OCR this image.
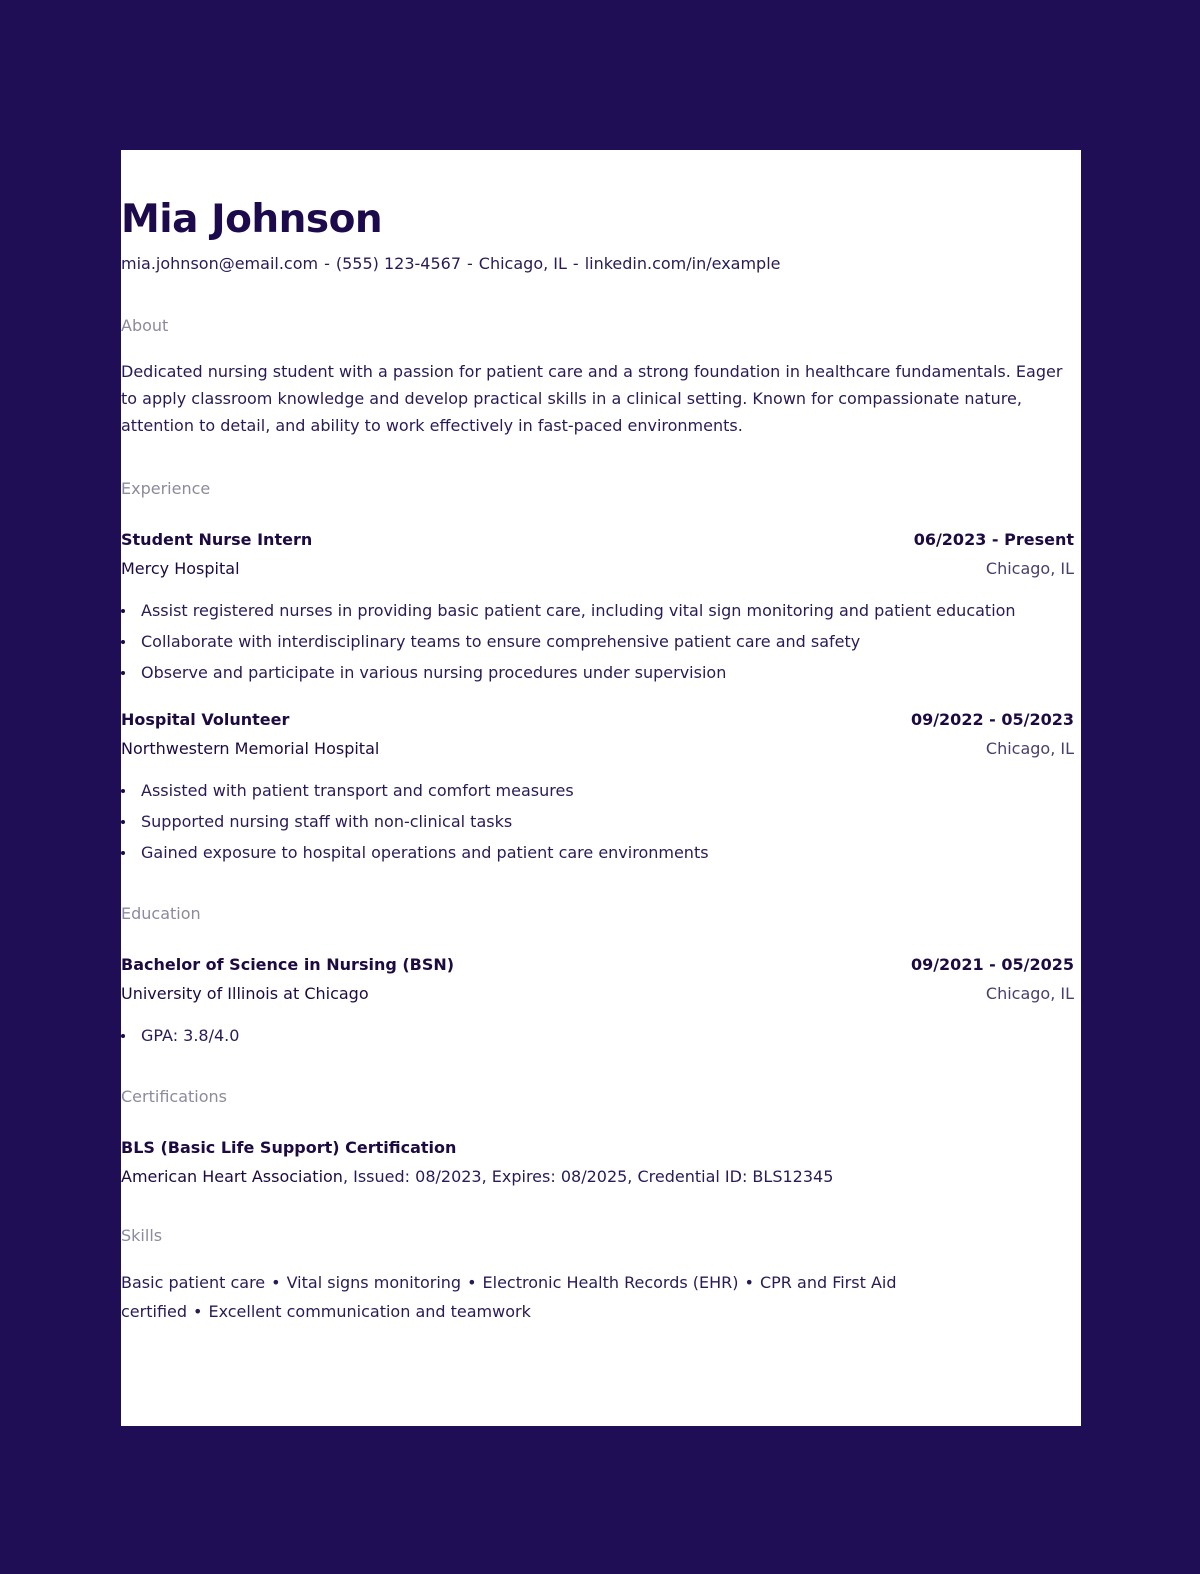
Mia Johnson
mia.johnson@email.com - (555) 123-4567 - Chicago, IL - linkedin.com/in/example
About
Dedicated nursing student with a passion for patient care and a strong foundation in healthcare fundamentals. Eager to apply classroom knowledge and develop practical skills in a clinical setting. Known for compassionate nature, attention to detail, and ability to work effectively in fast-paced environments.
Experience
Student Nurse Intern	06/2023 - Present
Mercy Hospital	Chicago, IL
Assist registered nurses in providing basic patient care, including vital sign monitoring and patient education
Collaborate with interdisciplinary teams to ensure comprehensive patient care and safety
Observe and participate in various nursing procedures under supervision
Hospital Volunteer	09/2022 - 05/2023
Northwestern Memorial Hospital	Chicago, IL
Assisted with patient transport and comfort measures
Supported nursing staff with non-clinical tasks
Gained exposure to hospital operations and patient care environments
Education
Bachelor of Science in Nursing (BSN)	09/2021 - 05/2025
University of Illinois at Chicago	Chicago, IL
GPA: 3.8/4.0
Certifications
BLS (Basic Life Support) Certification
American Heart Association, Issued: 08/2023, Expires: 08/2025, Credential ID: BLS12345
Skills
Basic patient care • Vital signs monitoring • Electronic Health Records (EHR) • CPR and First Aid certified • Excellent communication and teamwork
